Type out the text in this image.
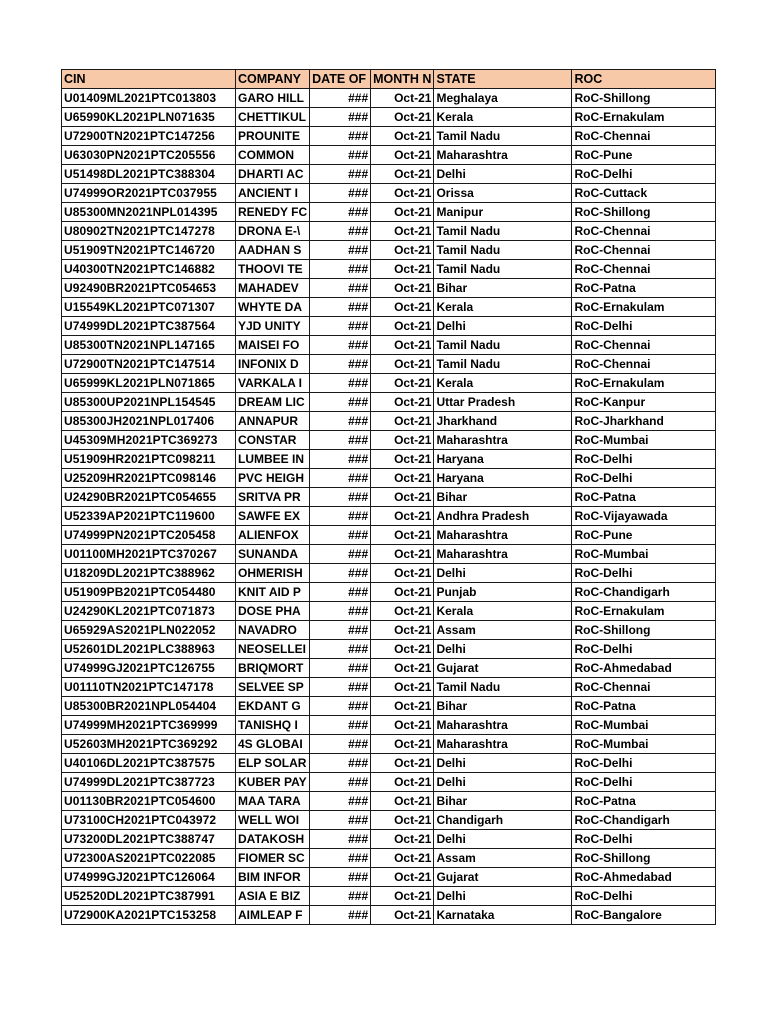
CIN	COMPANY	DATE OF	MONTH N	STATE	ROC
U01409ML2021PTC013803	GARO HILL	###	Oct-21	Meghalaya	RoC-Shillong
U65990KL2021PLN071635	CHETTIKUL	###	Oct-21	Kerala	RoC-Ernakulam
U72900TN2021PTC147256	PROUNITE	###	Oct-21	Tamil Nadu	RoC-Chennai
U63030PN2021PTC205556	COMMON	###	Oct-21	Maharashtra	RoC-Pune
U51498DL2021PTC388304	DHARTI AC	###	Oct-21	Delhi	RoC-Delhi
U74999OR2021PTC037955	ANCIENT I	###	Oct-21	Orissa	RoC-Cuttack
U85300MN2021NPL014395	RENEDY FC	###	Oct-21	Manipur	RoC-Shillong
U80902TN2021PTC147278	DRONA E-\	###	Oct-21	Tamil Nadu	RoC-Chennai
U51909TN2021PTC146720	AADHAN S	###	Oct-21	Tamil Nadu	RoC-Chennai
U40300TN2021PTC146882	THOOVI TE	###	Oct-21	Tamil Nadu	RoC-Chennai
U92490BR2021PTC054653	MAHADEV	###	Oct-21	Bihar	RoC-Patna
U15549KL2021PTC071307	WHYTE DA	###	Oct-21	Kerala	RoC-Ernakulam
U74999DL2021PTC387564	YJD UNITY	###	Oct-21	Delhi	RoC-Delhi
U85300TN2021NPL147165	MAISEI FO	###	Oct-21	Tamil Nadu	RoC-Chennai
U72900TN2021PTC147514	INFONIX D	###	Oct-21	Tamil Nadu	RoC-Chennai
U65999KL2021PLN071865	VARKALA I	###	Oct-21	Kerala	RoC-Ernakulam
U85300UP2021NPL154545	DREAM LIC	###	Oct-21	Uttar Pradesh	RoC-Kanpur
U85300JH2021NPL017406	ANNAPUR	###	Oct-21	Jharkhand	RoC-Jharkhand
U45309MH2021PTC369273	CONSTAR	###	Oct-21	Maharashtra	RoC-Mumbai
U51909HR2021PTC098211	LUMBEE IN	###	Oct-21	Haryana	RoC-Delhi
U25209HR2021PTC098146	PVC HEIGH	###	Oct-21	Haryana	RoC-Delhi
U24290BR2021PTC054655	SRITVA PR	###	Oct-21	Bihar	RoC-Patna
U52339AP2021PTC119600	SAWFE EX	###	Oct-21	Andhra Pradesh	RoC-Vijayawada
U74999PN2021PTC205458	ALIENFOX	###	Oct-21	Maharashtra	RoC-Pune
U01100MH2021PTC370267	SUNANDA	###	Oct-21	Maharashtra	RoC-Mumbai
U18209DL2021PTC388962	OHMERISH	###	Oct-21	Delhi	RoC-Delhi
U51909PB2021PTC054480	KNIT AID P	###	Oct-21	Punjab	RoC-Chandigarh
U24290KL2021PTC071873	DOSE PHA	###	Oct-21	Kerala	RoC-Ernakulam
U65929AS2021PLN022052	NAVADRO	###	Oct-21	Assam	RoC-Shillong
U52601DL2021PLC388963	NEOSELLEI	###	Oct-21	Delhi	RoC-Delhi
U74999GJ2021PTC126755	BRIQMORT	###	Oct-21	Gujarat	RoC-Ahmedabad
U01110TN2021PTC147178	SELVEE SP	###	Oct-21	Tamil Nadu	RoC-Chennai
U85300BR2021NPL054404	EKDANT G	###	Oct-21	Bihar	RoC-Patna
U74999MH2021PTC369999	TANISHQ I	###	Oct-21	Maharashtra	RoC-Mumbai
U52603MH2021PTC369292	4S GLOBAI	###	Oct-21	Maharashtra	RoC-Mumbai
U40106DL2021PTC387575	ELP SOLAR	###	Oct-21	Delhi	RoC-Delhi
U74999DL2021PTC387723	KUBER PAY	###	Oct-21	Delhi	RoC-Delhi
U01130BR2021PTC054600	MAA TARA	###	Oct-21	Bihar	RoC-Patna
U73100CH2021PTC043972	WELL WOI	###	Oct-21	Chandigarh	RoC-Chandigarh
U73200DL2021PTC388747	DATAKOSH	###	Oct-21	Delhi	RoC-Delhi
U72300AS2021PTC022085	FIOMER SC	###	Oct-21	Assam	RoC-Shillong
U74999GJ2021PTC126064	BIM INFOR	###	Oct-21	Gujarat	RoC-Ahmedabad
U52520DL2021PTC387991	ASIA E BIZ	###	Oct-21	Delhi	RoC-Delhi
U72900KA2021PTC153258	AIMLEAP F	###	Oct-21	Karnataka	RoC-Bangalore
